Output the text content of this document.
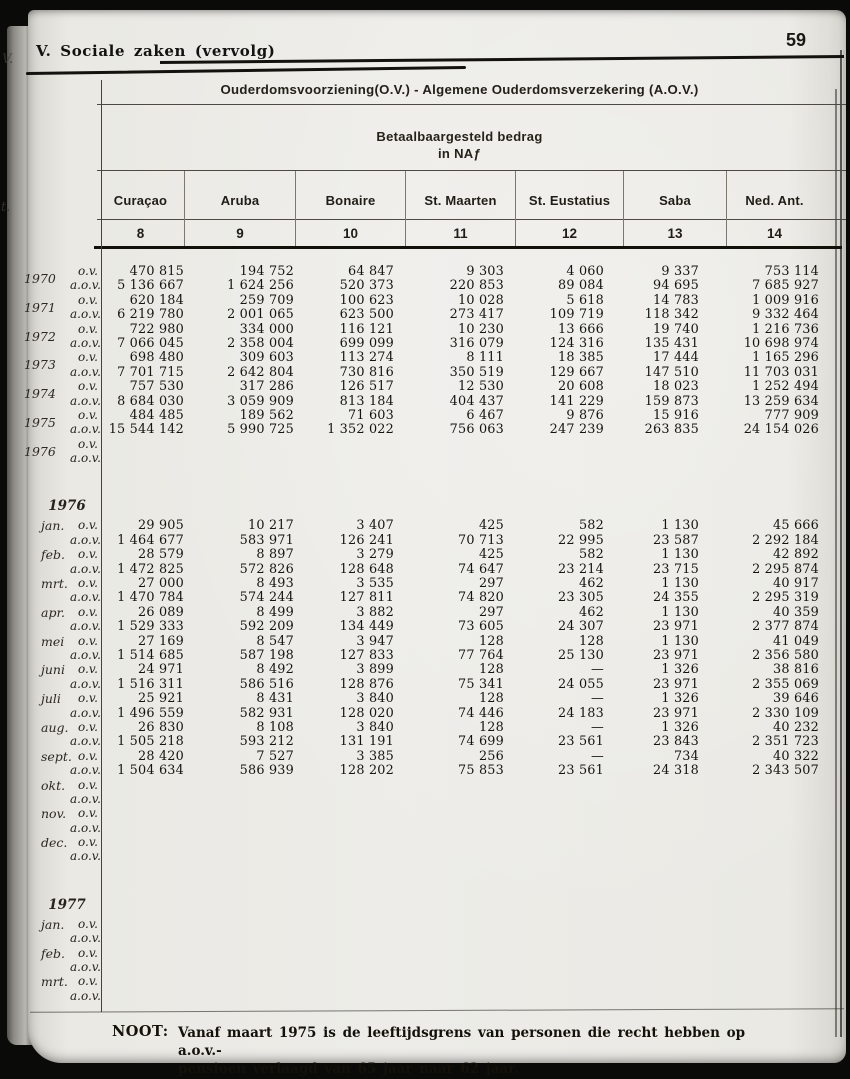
V.
t.
V. Sociale zaken (vervolg)
59
Ouderdomsvoorziening(O.V.) - Algemene Ouderdomsverzekering (A.O.V.)
Betaalbaargesteld bedrag
in NAƒ
Curaçao	Aruba	Bonaire	St. Maarten	St. Eustatius	Saba	Ned. Ant.
8	9	10	11	12	13	14
1970	o.v.	470 815	194 752	64 847	9 303	4 060	9 337	753 114
a.o.v.	5 136 667	1 624 256	520 373	220 853	89 084	94 695	7 685 927
1971	o.v.	620 184	259 709	100 623	10 028	5 618	14 783	1 009 916
a.o.v.	6 219 780	2 001 065	623 500	273 417	109 719	118 342	9 332 464
1972	o.v.	722 980	334 000	116 121	10 230	13 666	19 740	1 216 736
a.o.v.	7 066 045	2 358 004	699 099	316 079	124 316	135 431	10 698 974
1973	o.v.	698 480	309 603	113 274	8 111	18 385	17 444	1 165 296
a.o.v.	7 701 715	2 642 804	730 816	350 519	129 667	147 510	11 703 031
1974	o.v.	757 530	317 286	126 517	12 530	20 608	18 023	1 252 494
a.o.v.	8 684 030	3 059 909	813 184	404 437	141 229	159 873	13 259 634
1975	o.v.	484 485	189 562	71 603	6 467	9 876	15 916	777 909
a.o.v. 15 544 142	5 990 725	1 352 022	756 063	247 239	263 835	24 154 026
1976	o.v.
a.o.v.
1976
jan.	o.v.	29 905	10 217	3 407	425	582	1 130	45 666
a.o.v.	1 464 677	583 971	126 241	70 713	22 995	23 587	2 292 184
feb.	o.v.	28 579	8 897	3 279	425	582	1 130	42 892
a.o.v.	1 472 825	572 826	128 648	74 647	23 214	23 715	2 295 874
mrt. o.v.	27 000	8 493	3 535	297	462	1 130	40 917
a.o.v.	1 470 784	574 244	127 811	74 820	23 305	24 355	2 295 319
apr.	o.v.	26 089	8 499	3 882	297	462	1 130	40 359
a.o.v.	1 529 333	592 209	134 449	73 605	24 307	23 971	2 377 874
mei	o.v.	27 169	8 547	3 947	128	128	1 130	41 049
a.o.v.	1 514 685	587 198	127 833	77 764	25 130	23 971	2 356 580
juni	o.v.	24 971	8 492	3 899	128	—	1 326	38 816
a.o.v.	1 516 311	586 516	128 876	75 341	24 055	23 971	2 355 069
juli	o.v.	25 921	8 431	3 840	128	—	1 326	39 646
a.o.v.	1 496 559	582 931	128 020	74 446	24 183	23 971	2 330 109
aug. o.v.	26 830	8 108	3 840	128	—	1 326	40 232
a.o.v.	1 505 218	593 212	131 191	74 699	23 561	23 843	2 351 723
sept. o.v.	28 420	7 527	3 385	256	—	734	40 322
a.o.v.	1 504 634	586 939	128 202	75 853	23 561	24 318	2 343 507
okt.	o.v.
a.o.v.
nov. o.v.
a.o.v.
dec. o.v.
a.o.v.
1977
jan.	o.v.
a.o.v.
feb.	o.v.
a.o.v.
mrt. o.v.
a.o.v.
NOOT: Vanaf maart 1975 is de leeftijdsgrens van personen die recht hebben op a.o.v.-
pensioen verlaagd van 65 jaar naar 62 jaar.
